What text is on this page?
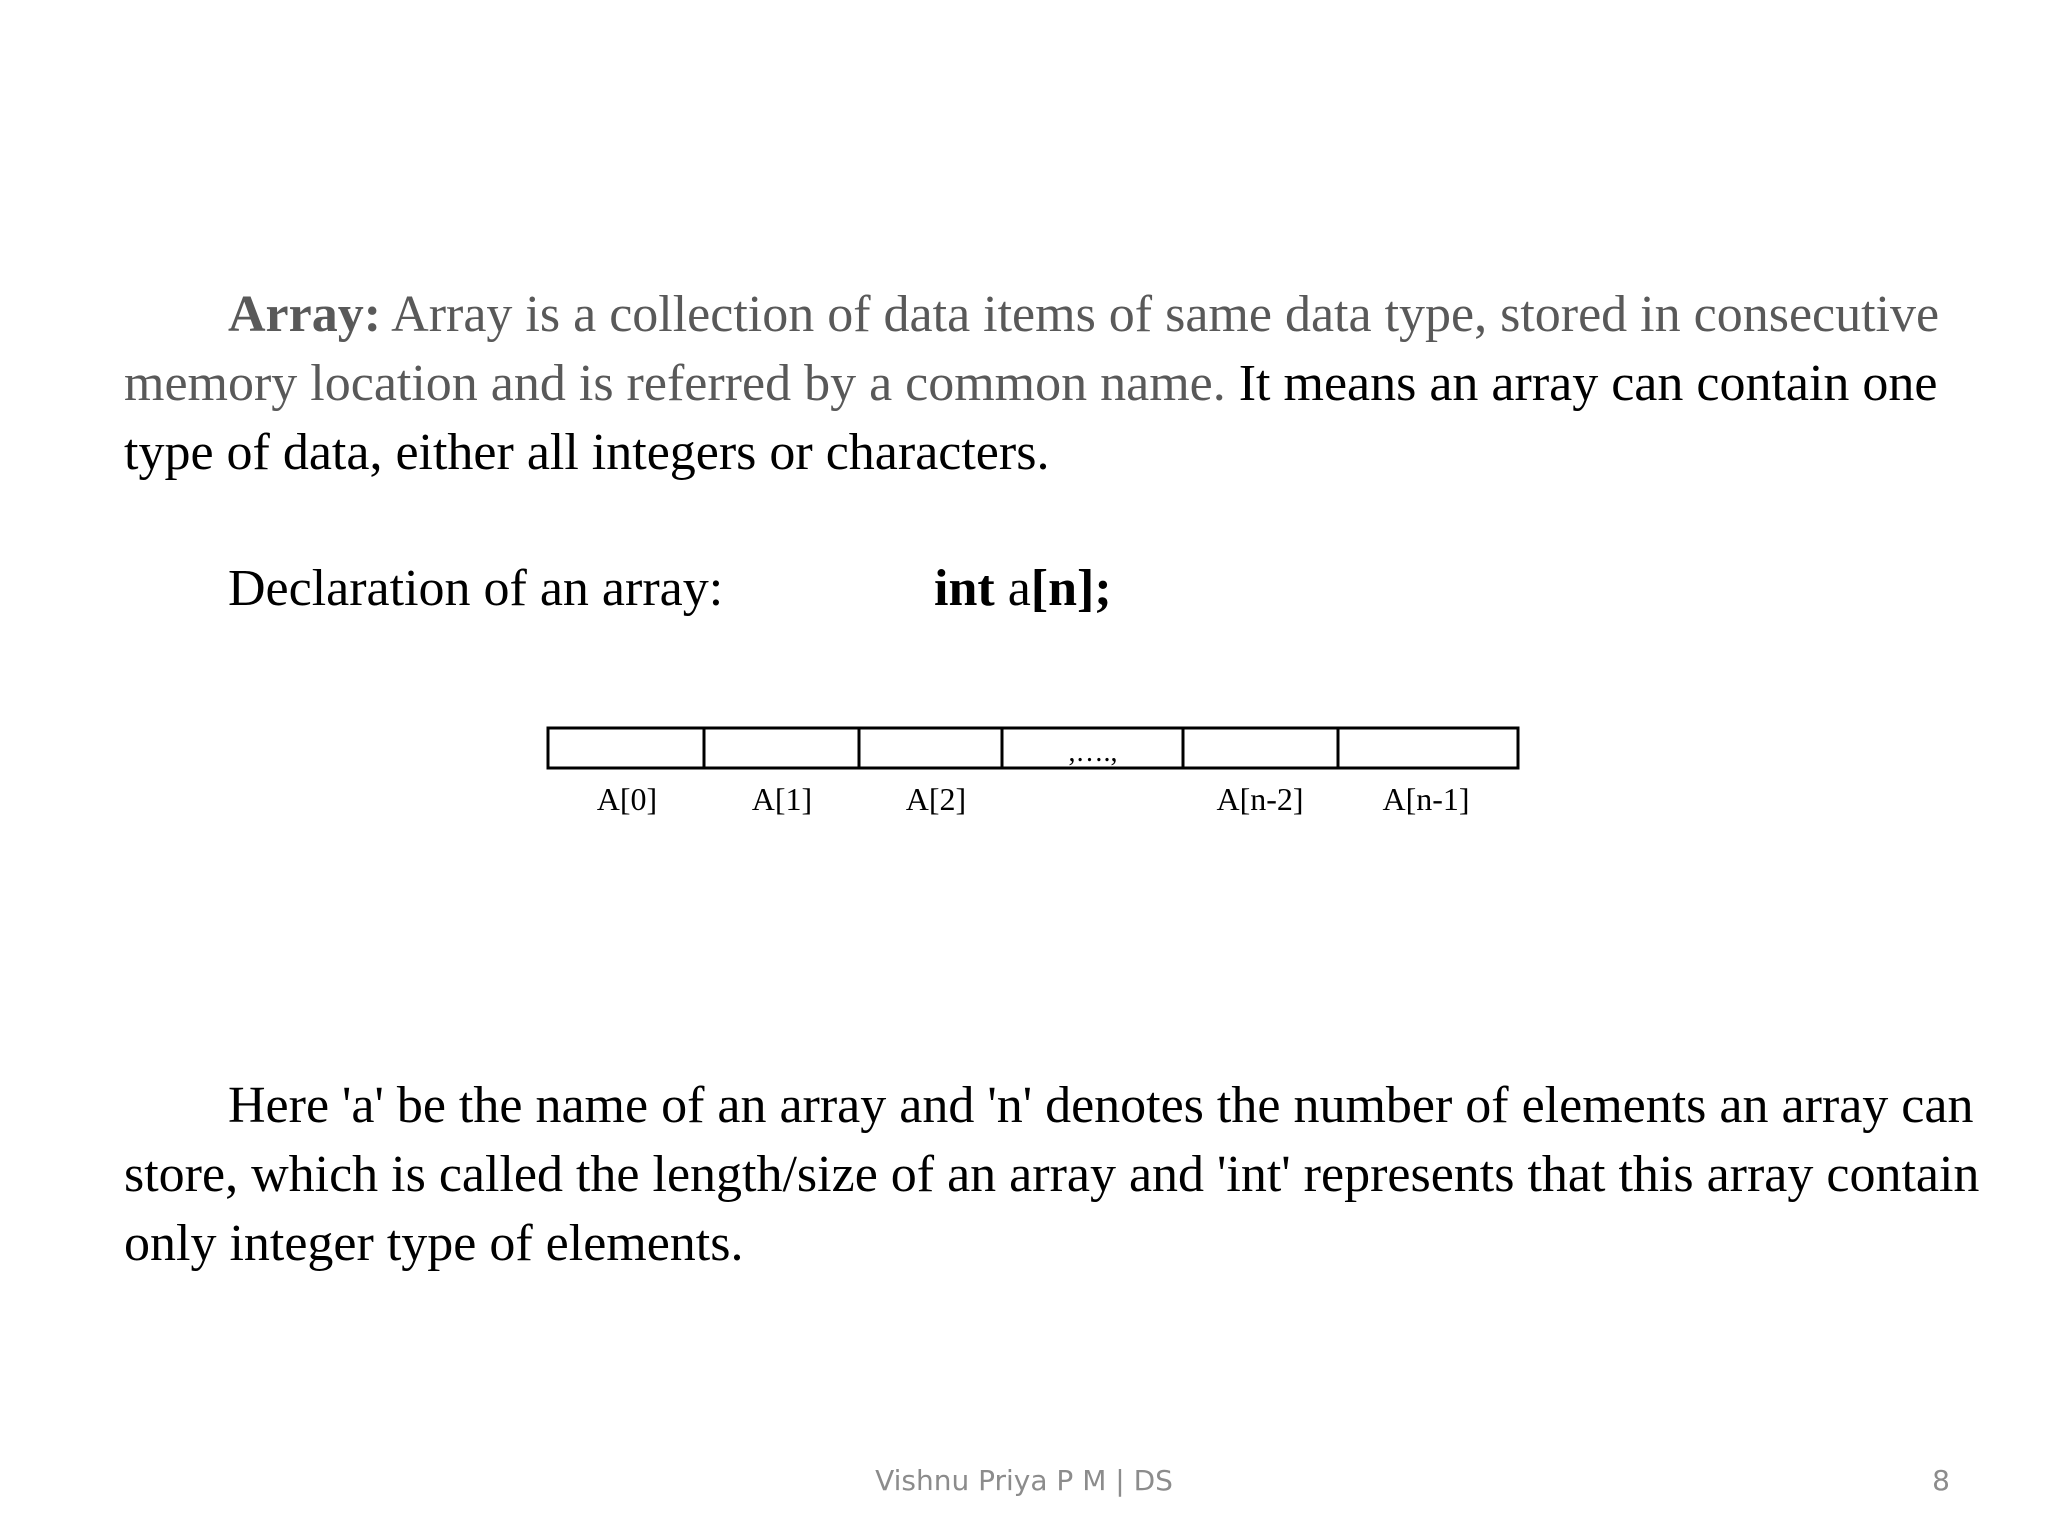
Array: Array is a collection of data items of same data type, stored in consecutive memory location and is referred by a common name. It means an array can contain one type of data, either all integers or characters.

Declaration of an array:	int a[n];
,….,
A[0]	A[1]	A[2]	A[n-2] A[n-1]

Here 'a' be the name of an array and 'n' denotes the number of elements an array can store, which is called the length/size of an array and 'int' represents that this array contain only integer type of elements.

Vishnu Priya P M | DS	8
